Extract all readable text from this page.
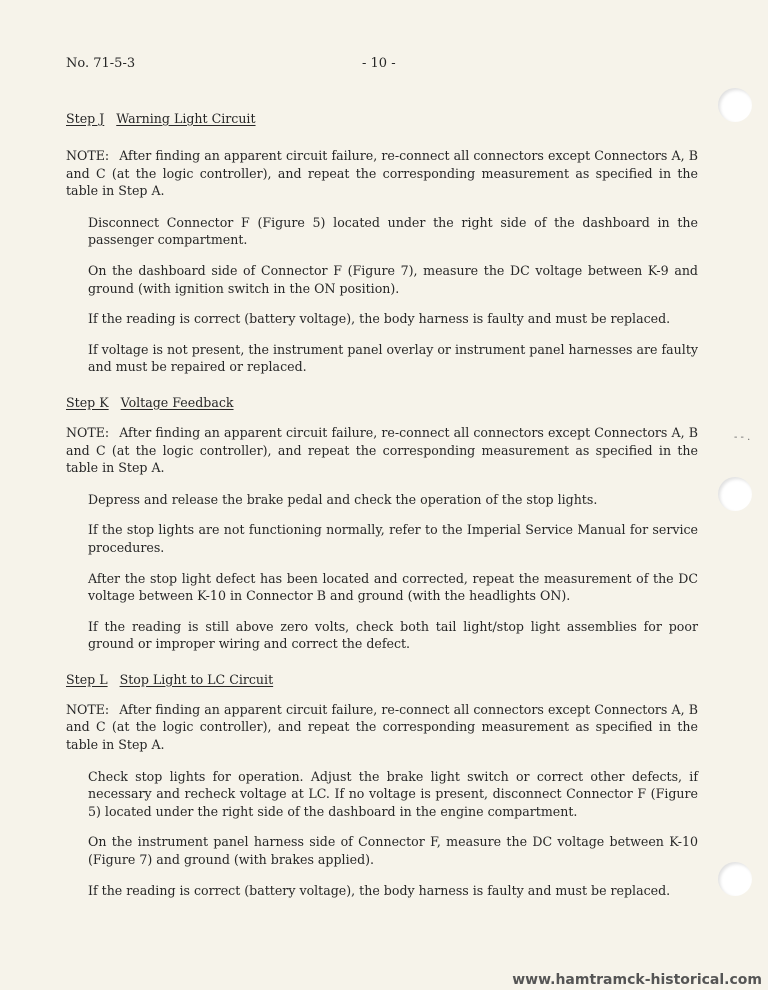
No. 71-5-3	- 10 -
- - .

Step J Warning Light Circuit

NOTE: After finding an apparent circuit failure, re-connect all connectors except Connectors A, B and C (at the logic controller), and repeat the corresponding measurement as specified in the table in Step A.

Disconnect Connector F (Figure 5) located under the right side of the dashboard in the passenger compartment.

On the dashboard side of Connector F (Figure 7), measure the DC voltage between K-9 and ground (with ignition switch in the ON position).

If the reading is correct (battery voltage), the body harness is faulty and must be replaced.

If voltage is not present, the instrument panel overlay or instrument panel harnesses are faulty and must be repaired or replaced.

Step K Voltage Feedback

NOTE: After finding an apparent circuit failure, re-connect all connectors except Connectors A, B and C (at the logic controller), and repeat the corresponding measurement as specified in the table in Step A.

Depress and release the brake pedal and check the operation of the stop lights.

If the stop lights are not functioning normally, refer to the Imperial Service Manual for service procedures.

After the stop light defect has been located and corrected, repeat the measurement of the DC voltage between K-10 in Connector B and ground (with the headlights ON).

If the reading is still above zero volts, check both tail light/stop light assemblies for poor ground or improper wiring and correct the defect.

Step L Stop Light to LC Circuit

NOTE: After finding an apparent circuit failure, re-connect all connectors except Connectors A, B and C (at the logic controller), and repeat the corresponding measurement as specified in the table in Step A.

Check stop lights for operation. Adjust the brake light switch or correct other defects, if necessary and recheck voltage at LC. If no voltage is present, disconnect Connector F (Figure 5) located under the right side of the dashboard in the engine compartment.

On the instrument panel harness side of Connector F, measure the DC voltage between K-10 (Figure 7) and ground (with brakes applied).

If the reading is correct (battery voltage), the body harness is faulty and must be replaced.

www.hamtramck-historical.com
